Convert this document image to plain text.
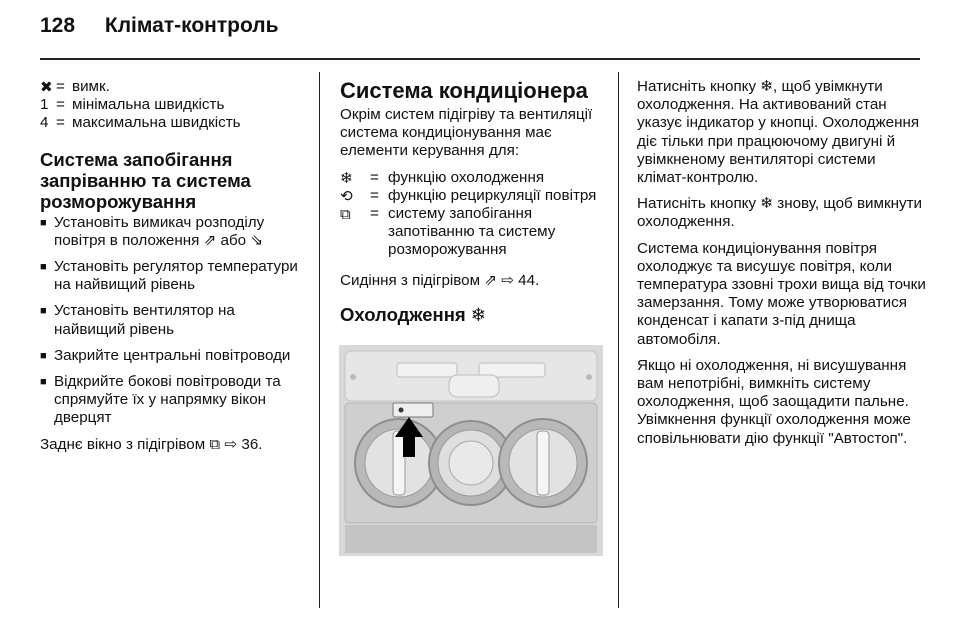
128 Клімат-контроль
✖ = вимк.
1 = мінімальна швидкість
4 = максимальна швидкість
Система запобігання запріванню та система розморожування
■ Установіть вимикач розподілу повітря в положення ⇗ або ⇘
■ Установіть регулятор температури на найвищий рівень
■ Установіть вентилятор на найвищий рівень
■ Закрийте центральні повітроводи
■ Відкрийте бокові повітроводи та спрямуйте їх у напрямку вікон дверцят

Заднє вікно з підігрівом ⧉ ⇨ 36.

Система кондиціонера

Окрім систем підігріву та вентиляції система кондиціонування має елементи керування для:

❄	= функцію охолодження
⟲	= функцію рециркуляції повітря
⧉	= систему запобігання запотіванню та систему розморожування

Сидіння з підігрівом ⇗ ⇨ 44.

Охолодження ❄

Натисніть кнопку ❄, щоб увімкнути охолодження. На активований стан указує індикатор у кнопці. Охолодження діє тільки при працюючому двигуні й увімкненому вентиляторі системи клімат-контролю.

Натисніть кнопку ❄ знову, щоб вимкнути охолодження.

Система кондиціонування повітря охолоджує та висушує повітря, коли температура ззовні трохи вища від точки замерзання. Тому може утворюватися конденсат і капати з-під днища автомобіля.

Якщо ні охолодження, ні висушування вам непотрібні, вимкніть систему охолодження, щоб заощадити пальне. Увімкнення функції охолодження може сповільнювати дію функції "Автостоп".
